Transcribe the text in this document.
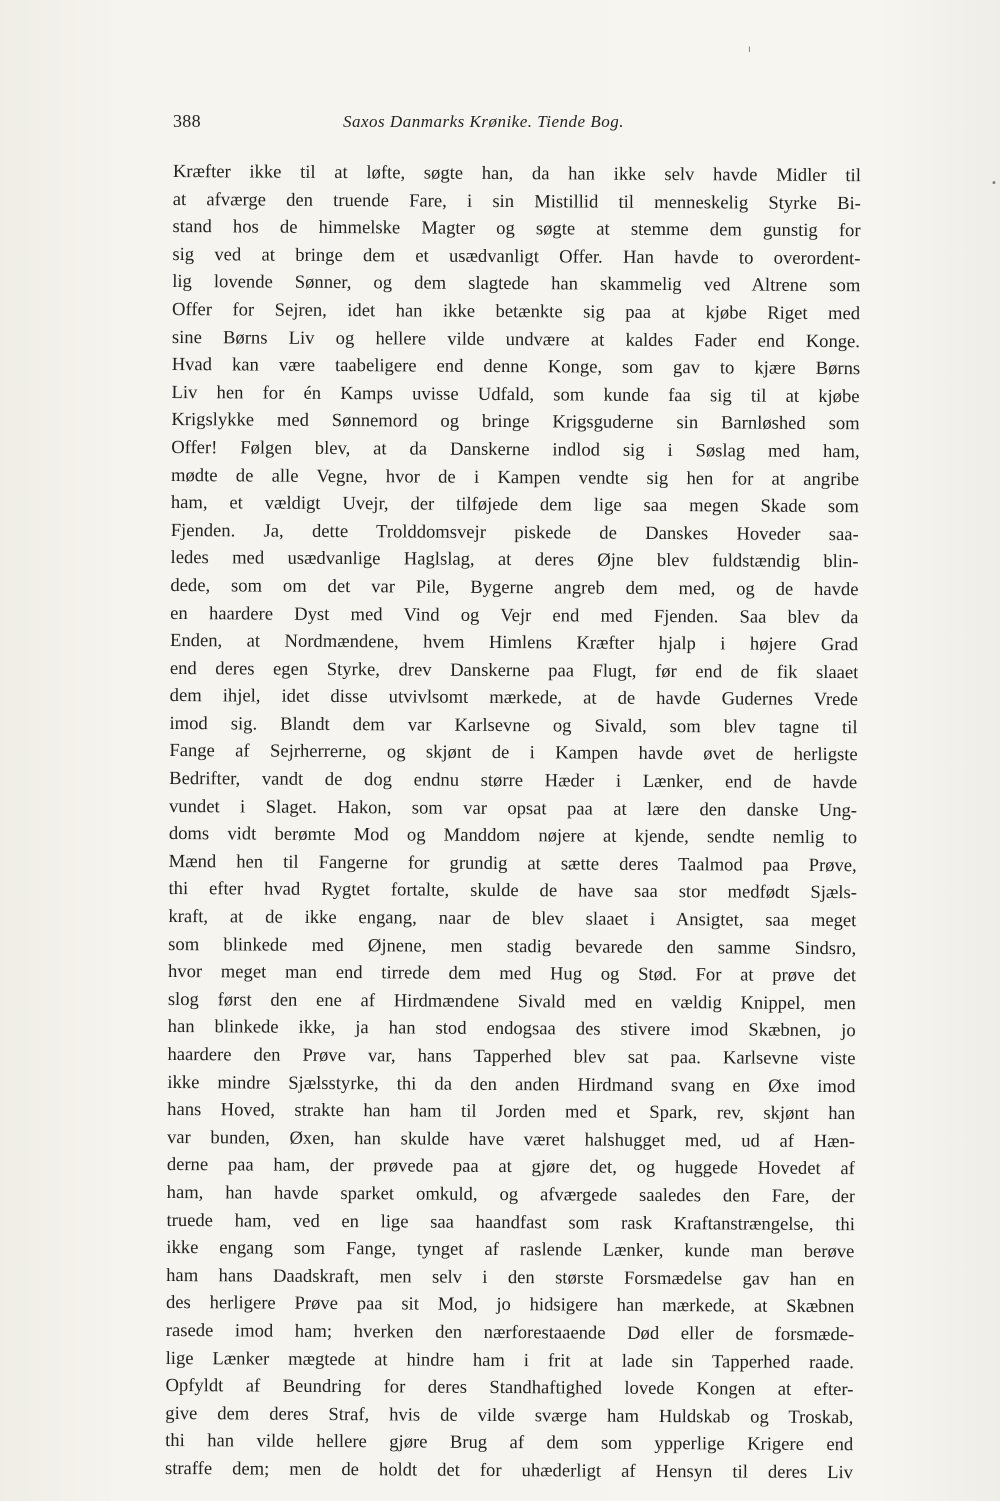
388	Saxos Danmarks Krønike. Tiende Bog.
Kræfter ikke til at løfte, søgte han, da han ikke selv havde Midler til
at afværge den truende Fare, i sin Mistillid til menneskelig Styrke Bi-
stand hos de himmelske Magter og søgte at stemme dem gunstig for
sig ved at bringe dem et usædvanligt Offer. Han havde to overordent-
lig lovende Sønner, og dem slagtede han skammelig ved Altrene som
Offer for Sejren, idet han ikke betænkte sig paa at kjøbe Riget med
sine Børns Liv og hellere vilde undvære at kaldes Fader end Konge.
Hvad kan være taabeligere end denne Konge, som gav to kjære Børns
Liv hen for én Kamps uvisse Udfald, som kunde faa sig til at kjøbe
Krigslykke med Sønnemord og bringe Krigsguderne sin Barnløshed som
Offer! Følgen blev, at da Danskerne indlod sig i Søslag med ham,
mødte de alle Vegne, hvor de i Kampen vendte sig hen for at angribe
ham, et vældigt Uvejr, der tilføjede dem lige saa megen Skade som
Fjenden. Ja, dette Trolddomsvejr piskede de Danskes Hoveder saa-
ledes med usædvanlige Haglslag, at deres Øjne blev fuldstændig blin-
dede, som om det var Pile, Bygerne angreb dem med, og de havde
en haardere Dyst med Vind og Vejr end med Fjenden. Saa blev da
Enden, at Nordmændene, hvem Himlens Kræfter hjalp i højere Grad
end deres egen Styrke, drev Danskerne paa Flugt, før end de fik slaaet
dem ihjel, idet disse utvivlsomt mærkede, at de havde Gudernes Vrede
imod sig. Blandt dem var Karlsevne og Sivald, som blev tagne til
Fange af Sejrherrerne, og skjønt de i Kampen havde øvet de herligste
Bedrifter, vandt de dog endnu større Hæder i Lænker, end de havde
vundet i Slaget. Hakon, som var opsat paa at lære den danske Ung-
doms vidt berømte Mod og Manddom nøjere at kjende, sendte nemlig to
Mænd hen til Fangerne for grundig at sætte deres Taalmod paa Prøve,
thi efter hvad Rygtet fortalte, skulde de have saa stor medfødt Sjæls-
kraft, at de ikke engang, naar de blev slaaet i Ansigtet, saa meget
som blinkede med Øjnene, men stadig bevarede den samme Sindsro,
hvor meget man end tirrede dem med Hug og Stød. For at prøve det
slog først den ene af Hirdmændene Sivald med en vældig Knippel, men
han blinkede ikke, ja han stod endogsaa des stivere imod Skæbnen, jo
haardere den Prøve var, hans Tapperhed blev sat paa. Karlsevne viste
ikke mindre Sjælsstyrke, thi da den anden Hirdmand svang en Øxe imod
hans Hoved, strakte han ham til Jorden med et Spark, rev, skjønt han
var bunden, Øxen, han skulde have været halshugget med, ud af Hæn-
derne paa ham, der prøvede paa at gjøre det, og huggede Hovedet af
ham, han havde sparket omkuld, og afværgede saaledes den Fare, der
truede ham, ved en lige saa haandfast som rask Kraftanstrængelse, thi
ikke engang som Fange, tynget af raslende Lænker, kunde man berøve
ham hans Daadskraft, men selv i den største Forsmædelse gav han en
des herligere Prøve paa sit Mod, jo hidsigere han mærkede, at Skæbnen
rasede imod ham; hverken den nærforestaaende Død eller de forsmæde-
lige Lænker mægtede at hindre ham i frit at lade sin Tapperhed raade.
Opfyldt af Beundring for deres Standhaftighed lovede Kongen at efter-
give dem deres Straf, hvis de vilde sværge ham Huldskab og Troskab,
thi han vilde hellere gjøre Brug af dem som ypperlige Krigere end
straffe dem; men de holdt det for uhæderligt af Hensyn til deres Liv
ı
•
